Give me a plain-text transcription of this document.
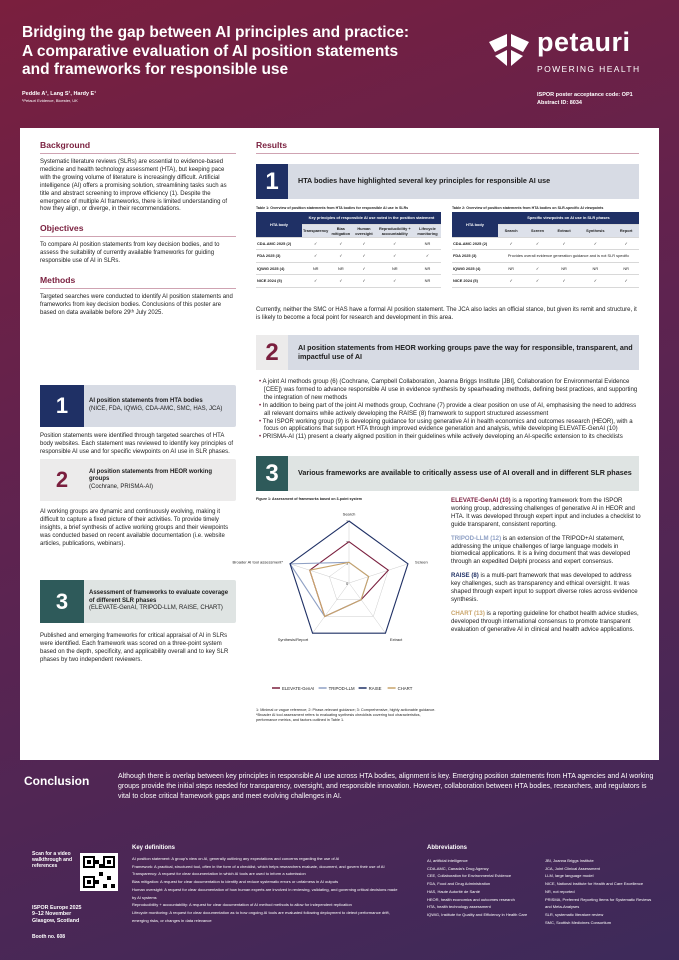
Bridging the gap between AI principles and practice: A comparative evaluation of AI position statements and frameworks for responsible use
Peddle A¹, Lang S¹, Hardy E¹
¹Petauri Evidence, Bicester, UK
ISPOR poster acceptance code: OP1
Abstract ID: 8034
petauri
POWERING HEALTH
Background
Systematic literature reviews (SLRs) are essential to evidence-based medicine and health technology assessment (HTA), but keeping pace with the growing volume of literature is increasingly difficult. Artificial intelligence (AI) offers a promising solution, streamlining tasks such as title and abstract screening to improve efficiency (1). Despite the emergence of multiple AI frameworks, there is limited understanding of how they align, or diverge, in their recommendations.
Objectives
To compare AI position statements from key decision bodies, and to assess the suitability of currently available frameworks for guiding responsible use of AI in SLRs.
Methods
Targeted searches were conducted to identify AI position statements and frameworks from key decision bodies. Conclusions of this poster are based on data available before 29ᵗʰ July 2025.
1	AI position statements from HTA bodies
(NICE, FDA, IQWiG, CDA-AMC, SMC, HAS, JCA)
Position statements were identified through targeted searches of HTA body websites. Each statement was reviewed to identify key principles of responsible AI use and for specific viewpoints on AI use in SLR phases.
2	AI position statements from HEOR working groups
(Cochrane, PRISMA-AI)
AI working groups are dynamic and continuously evolving, making it difficult to capture a fixed picture of their activities. To provide timely insights, a brief synthesis of active working groups and their viewpoints was conducted based on recent available documentation (i.e. website articles, publications, webinars).
3	Assessment of frameworks to evaluate coverage of different SLR phases
(ELEVATE-GenAI, TRIPOD-LLM, RAISE, CHART)
Published and emerging frameworks for critical appraisal of AI in SLRs were identified. Each framework was scored on a three-point system based on the depth, specificity, and applicability overall and to key SLR phases by two independent reviewers.
Results
1	HTA bodies have highlighted several key principles for responsible AI use
Table 1: Overview of position statements from HTA bodies for responsible AI use in SLRs
HTA body	Key principles of responsible AI use noted in the position statement				
	Transparency	Bias mitigation	Human oversight	Reproducibility + accountability	Lifecycle monitoring
CDA-AMC 2025 (2)	✓	✓	✓	✓	NR
FDA 2025 (3)	✓	✓	✓	✓	✓
IQWiG 2025 (4)	NR	NR	✓	NR	NR
NICE 2024 (5)	✓	✓	✓	✓	NR
Table 2: Overview of position statements from HTA bodies on SLR-specific AI viewpoints
HTA body	Specific viewpoints on AI use in SLR phases				
	Search	Screen	Extract	Synthesis	Report
CDA-AMC 2025 (2)	✓	✓	✓	✓	✓
FDA 2025 (3)	Provides overall evidence generation guidance and is not SLR specific				
IQWiG 2025 (4)	NR	✓	NR	NR	NR
NICE 2024 (5)	✓	✓	✓	✓	✓
Currently, neither the SMC or HAS have a formal AI position statement. The JCA also lacks an official stance, but given its remit and structure, it is likely to become a focal point for research and development in this area.
2	AI position statements from HEOR working groups pave the way for responsible, transparent, and impactful use of AI
• A joint AI methods group (6) (Cochrane, Campbell Collaboration, Joanna Briggs Institute [JBI], Collaboration for Environmental Evidence [CEE]) was formed to advance responsible AI use in evidence synthesis by spearheading methods, defining best practices, and supporting the integration of new methods
• In addition to being part of the joint AI methods group, Cochrane (7) provide a clear position on use of AI, emphasising the need to address all relevant domains while actively developing the RAISE (8) framework to support structured assessment
• The ISPOR working group (9) is developing guidance for using generative AI in health economics and outcomes research (HEOR), with a focus on applications that support HTA through improved evidence generation and analysis, while developing ELEVATE-GenAI (10)
• PRISMA-AI (11) present a clearly aligned position in their guidelines while actively developing an AI-specific extension to its checklists
3	Various frameworks are available to critically assess use of AI overall and in different SLR phases
Figure 1: Assessment of frameworks based on 3-point system
0
1
2
3
Search
Screen
Extract
Synthesis/Report
Broader AI tool assessment*
ELEVATE-GenAI	TRIPOD-LLM	RAISE	CHART
1: Minimal or vague reference; 2: Phase-relevant guidance; 3: Comprehensive, highly actionable guidance. *Broader AI tool assessment refers to evaluating synthesis checklists covering tool characteristics, performance metrics, and factors outlined in Table 1.
ELEVATE-GenAI (10) is a reporting framework from the ISPOR working group, addressing challenges of generative AI in HEOR and HTA. It was developed through expert input and includes a checklist to guide transparent, consistent reporting.
TRIPOD-LLM (12) is an extension of the TRIPOD+AI statement, addressing the unique challenges of large language models in biomedical applications. It is a living document that was developed through an expedited Delphi process and expert consensus.
RAISE (8) is a multi-part framework that was developed to address key challenges, such as transparency and ethical oversight. It was shaped through expert input to support diverse roles across evidence synthesis.
CHART (13) is a reporting guideline for chatbot health advice studies, developed through international consensus to promote transparent evaluation of generative AI in clinical and health advice applications.
Conclusion	Although there is overlap between key principles in responsible AI use across HTA bodies, alignment is key. Emerging position statements from HTA agencies and AI working groups provide the initial steps needed for transparency, oversight, and responsible innovation. However, collaboration between HTA bodies, researchers, and regulators is vital to close critical framework gaps and meet evolving challenges in AI.
Scan for a video walkthrough and references
ISPOR Europe 2025
9–12 November
Glasgow, Scotland
Booth no. 608
Key definitions
AI position statement: A group's view on AI, generally outlining any expectations and concerns regarding the use of AI
Framework: A practical, structured tool, often in the form of a checklist, which helps researchers evaluate, document, and govern their use of AI
Transparency: A request for clear documentation in which AI tools are used to inform a submission
Bias mitigation: A request for clear documentation to identify and reduce systematic errors or unfairness in AI outputs
Human oversight: A request for clear documentation of how human experts are involved in reviewing, validating, and governing critical decisions made by AI systems
Reproducibility + accountability: A request for clear documentation of AI method methods to allow for independent replication
Lifecycle monitoring: A request for clear documentation as to how ongoing AI tools are evaluated following deployment to detect performance drift, emerging risks, or changes in data relevance
Abbreviations
AI, artificial intelligence
CDA-AMC, Canada's Drug Agency
CEE, Collaboration for Environmental Evidence
FDA, Food and Drug Administration
HAS, Haute Autorité de Santé
HEOR, health economics and outcomes research
HTA, health technology assessment
IQWiG, Institute for Quality and Efficiency in Health Care
JBI, Joanna Briggs Institute
JCA, Joint Clinical Assessment
LLM, large language model
NICE, National Institute for Health and Care Excellence
NR, not reported
PRISMA, Preferred Reporting Items for Systematic Reviews and Meta-Analyses
SLR, systematic literature review
SMC, Scottish Medicines Consortium
